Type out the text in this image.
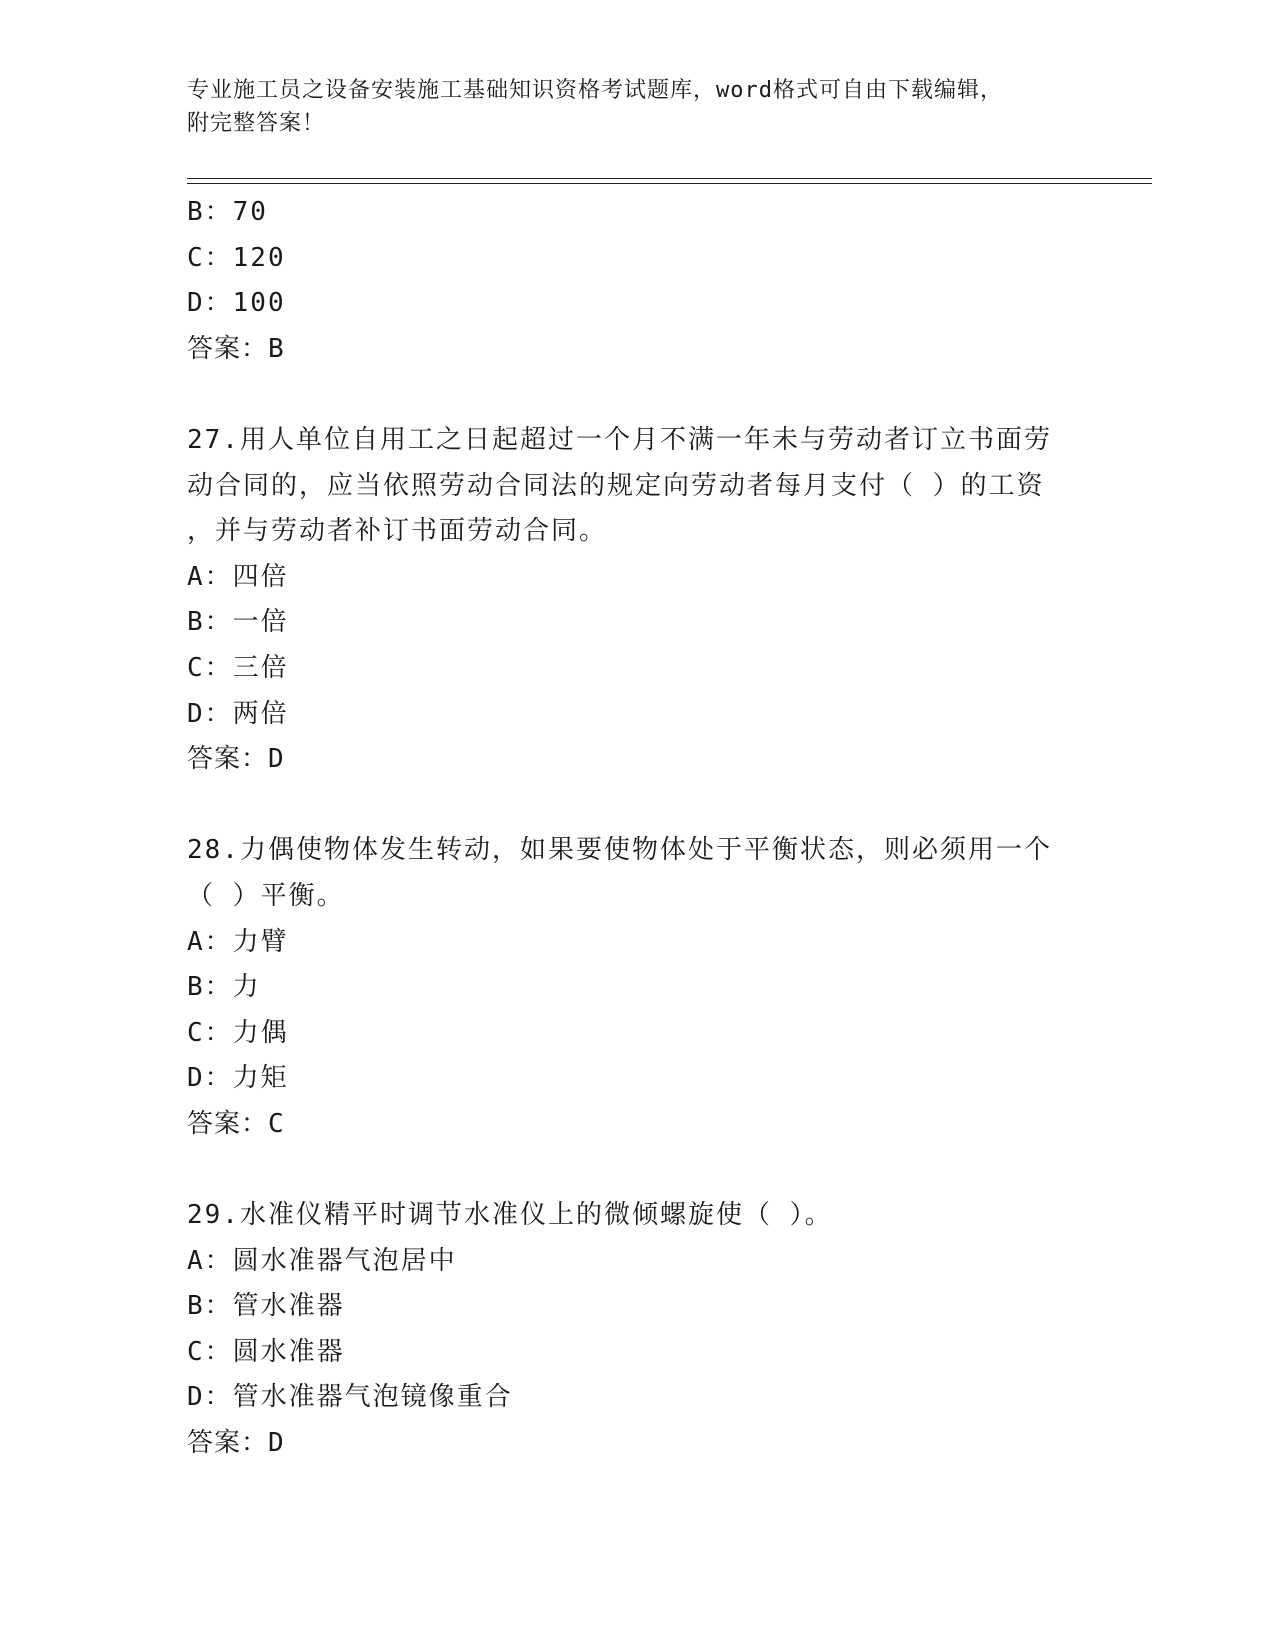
专业施工员之设备安装施工基础知识资格考试题库，word格式可自由下载编辑，
附完整答案！
B：70
C：120
D：100
答案：B
27.用人单位自用工之日起超过一个月不满一年未与劳动者订立书面劳
动合同的，应当依照劳动合同法的规定向劳动者每月支付（ ）的工资
，并与劳动者补订书面劳动合同。
A：四倍
B：一倍
C：三倍
D：两倍
答案：D
28.力偶使物体发生转动，如果要使物体处于平衡状态，则必须用一个
（ ）平衡。
A：力臂
B：力
C：力偶
D：力矩
答案：C
29.水准仪精平时调节水准仪上的微倾螺旋使（ ）。
A：圆水准器气泡居中
B：管水准器
C：圆水准器
D：管水准器气泡镜像重合
答案：D
